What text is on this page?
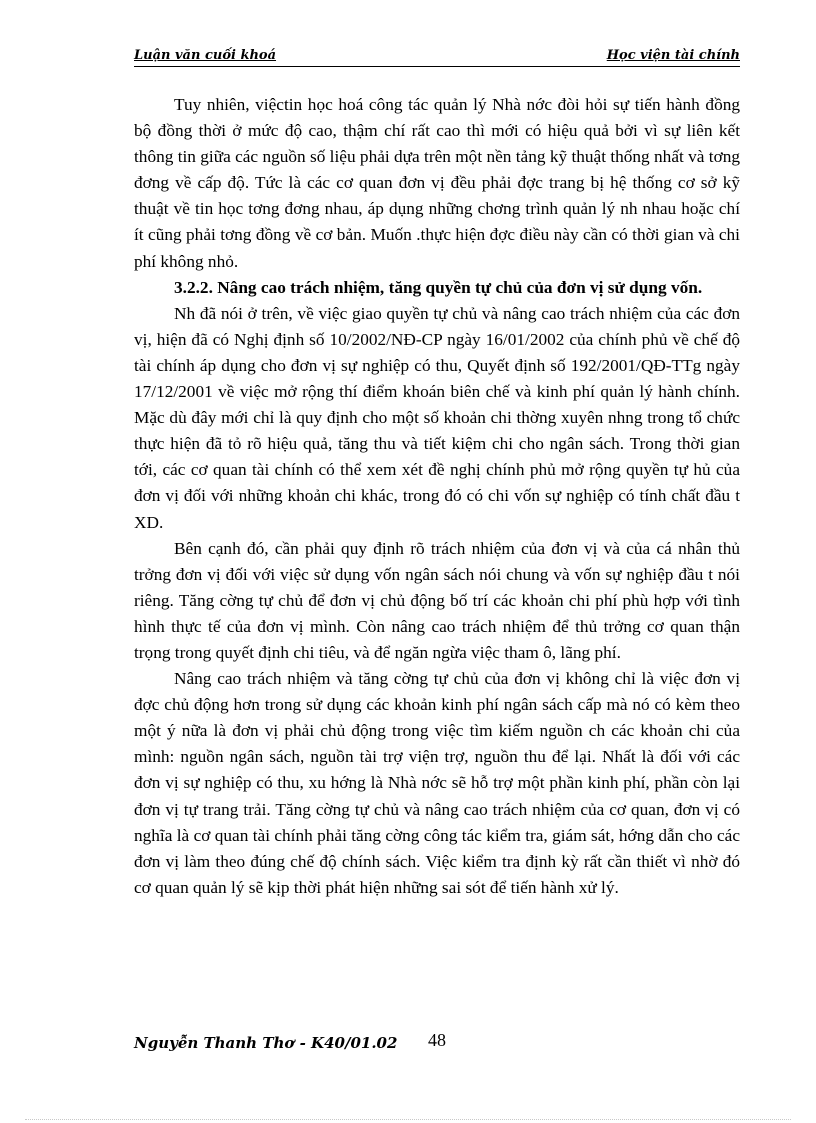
Luận văn cuối khoá	Học viện tài chính

Tuy nhiên, việctin học hoá công tác quản lý Nhà nớc đòi hỏi sự tiến hành đồng bộ đồng thời ở mức độ cao, thậm chí rất cao thì mới có hiệu quả bởi vì sự liên kết thông tin giữa các nguồn số liệu phải dựa trên một nền tảng kỹ thuật thống nhất và tơng đơng về cấp độ. Tức là các cơ quan đơn vị đều phải đợc trang bị hệ thống cơ sở kỹ thuật về tin học tơng đơng nhau, áp dụng những chơng trình quản lý nh nhau hoặc chí ít cũng phải tơng đồng về cơ bản. Muốn .thực hiện đợc điều này cần có thời gian và chi phí không nhỏ.

3.2.2. Nâng cao trách nhiệm, tăng quyền tự chủ của đơn vị sử dụng vốn.

Nh đã nói ở trên, về việc giao quyền tự chủ và nâng cao trách nhiệm của các đơn vị, hiện đã có Nghị định số 10/2002/NĐ-CP ngày 16/01/2002 của chính phủ về chế độ tài chính áp dụng cho đơn vị sự nghiệp có thu, Quyết định số 192/2001/QĐ-TTg ngày 17/12/2001 về việc mở rộng thí điểm khoán biên chế và kinh phí quản lý hành chính. Mặc dù đây mới chỉ là quy định cho một số khoản chi thờng xuyên nhng trong tổ chức thực hiện đã tỏ rõ hiệu quả, tăng thu và tiết kiệm chi cho ngân sách. Trong thời gian tới, các cơ quan tài chính có thể xem xét đề nghị chính phủ mở rộng quyền tự hủ của đơn vị đối với những khoản chi khác, trong đó có chi vốn sự nghiệp có tính chất đầu t XD.

Bên cạnh đó, cần phải quy định rõ trách nhiệm của đơn vị và của cá nhân thủ trởng đơn vị đối với việc sử dụng vốn ngân sách nói chung và vốn sự nghiệp đầu t nói riêng. Tăng cờng tự chủ để đơn vị chủ động bố trí các khoản chi phí phù hợp với tình hình thực tế của đơn vị mình. Còn nâng cao trách nhiệm để thủ trởng cơ quan thận trọng trong quyết định chi tiêu, và để ngăn ngừa việc tham ô, lãng phí.

Nâng cao trách nhiệm và tăng cờng tự chủ của đơn vị không chỉ là việc đơn vị đợc chủ động hơn trong sử dụng các khoản kinh phí ngân sách cấp mà nó có kèm theo một ý nữa là đơn vị phải chủ động trong việc tìm kiếm nguồn ch các khoản chi của mình: nguồn ngân sách, nguồn tài trợ viện trợ, nguồn thu để lại. Nhất là đối với các đơn vị sự nghiệp có thu, xu hớng là Nhà nớc sẽ hỗ trợ một phần kinh phí, phần còn lại đơn vị tự trang trải. Tăng cờng tự chủ và nâng cao trách nhiệm của cơ quan, đơn vị có nghĩa là cơ quan tài chính phải tăng cờng công tác kiểm tra, giám sát, hớng dẫn cho các đơn vị làm theo đúng chế độ chính sách. Việc kiểm tra định kỳ rất cần thiết vì nhờ đó cơ quan quản lý sẽ kịp thời phát hiện những sai sót để tiến hành xử lý.

Nguyễn Thanh Thơ - K40/01.02 48
